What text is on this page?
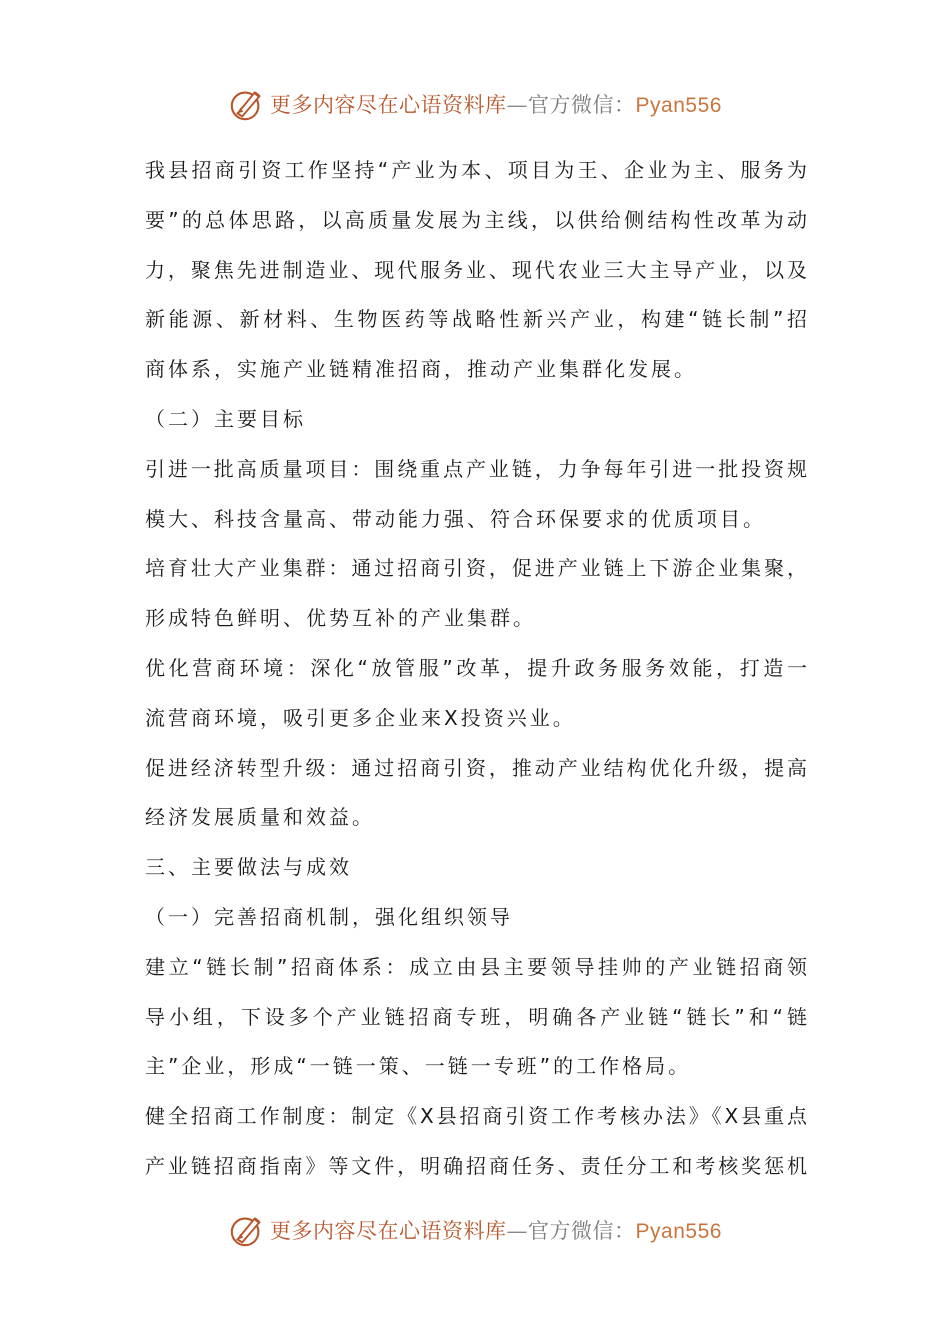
更多内容尽在心语资料库—官方微信：Pyan556
我县招商引资工作坚持“产业为本、项目为王、企业为主、服务为
要”的总体思路，以高质量发展为主线，以供给侧结构性改革为动
力，聚焦先进制造业、现代服务业、现代农业三大主导产业，以及
新能源、新材料、生物医药等战略性新兴产业，构建“链长制”招
商体系，实施产业链精准招商，推动产业集群化发展。
（二）主要目标
引进一批高质量项目：围绕重点产业链，力争每年引进一批投资规
模大、科技含量高、带动能力强、符合环保要求的优质项目。
培育壮大产业集群：通过招商引资，促进产业链上下游企业集聚，
形成特色鲜明、优势互补的产业集群。
优化营商环境：深化“放管服”改革，提升政务服务效能，打造一
流营商环境，吸引更多企业来X投资兴业。
促进经济转型升级：通过招商引资，推动产业结构优化升级，提高
经济发展质量和效益。
三、主要做法与成效
（一）完善招商机制，强化组织领导
建立“链长制”招商体系：成立由县主要领导挂帅的产业链招商领
导小组，下设多个产业链招商专班，明确各产业链“链长”和“链
主”企业，形成“一链一策、一链一专班”的工作格局。
健全招商工作制度：制定《X县招商引资工作考核办法》《X县重点
产业链招商指南》等文件，明确招商任务、责任分工和考核奖惩机
更多内容尽在心语资料库—官方微信：Pyan556
